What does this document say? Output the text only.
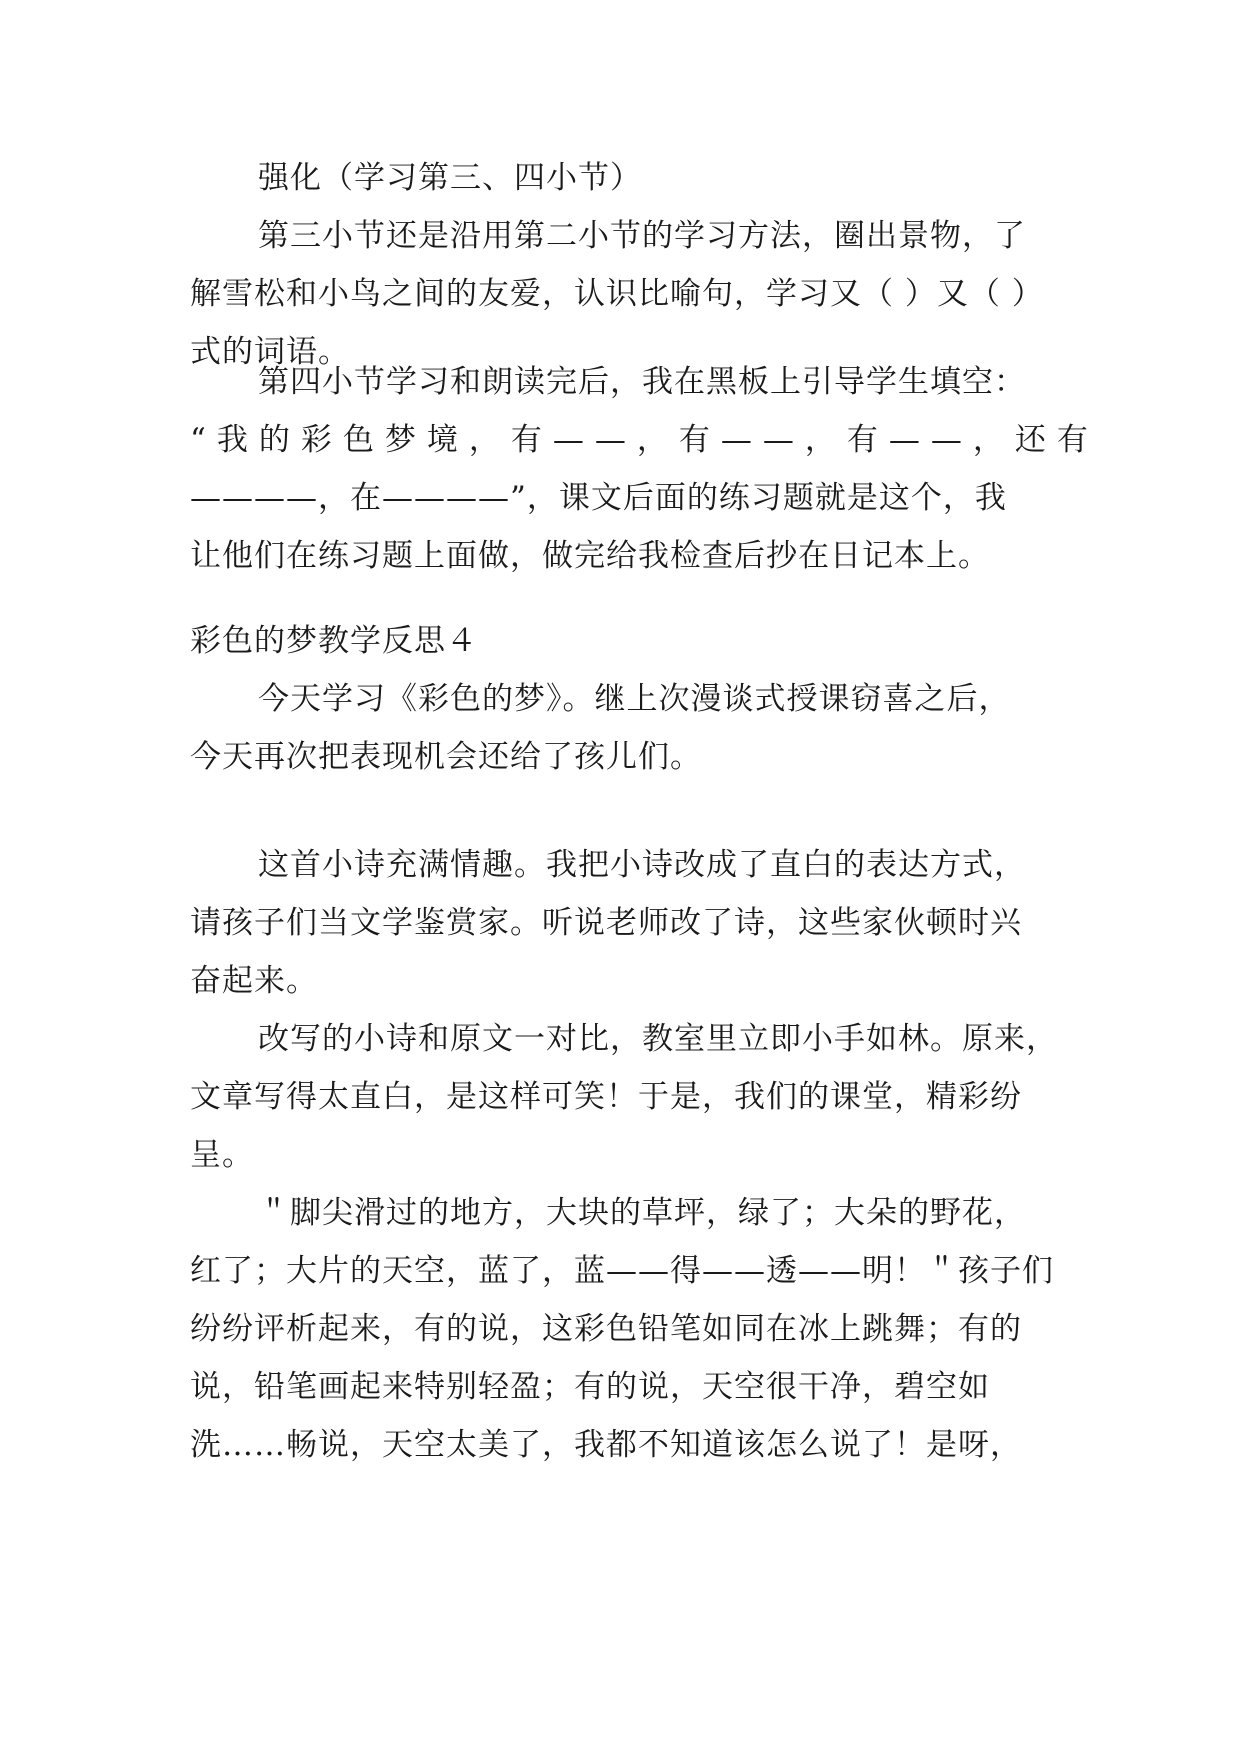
强化（学习第三、四小节）
第三小节还是沿用第二小节的学习方法，圈出景物，了
解雪松和小鸟之间的友爱，认识比喻句，学习又（ ）又（ ）
式的词语。
第四小节学习和朗读完后，我在黑板上引导学生填空：
“我的彩色梦境，有——，有——，有——，还有
————，在————”，课文后面的练习题就是这个，我
让他们在练习题上面做，做完给我检查后抄在日记本上。
彩色的梦教学反思４
今天学习《彩色的梦》。继上次漫谈式授课窃喜之后，
今天再次把表现机会还给了孩儿们。
这首小诗充满情趣。我把小诗改成了直白的表达方式，
请孩子们当文学鉴赏家。听说老师改了诗，这些家伙顿时兴
奋起来。
改写的小诗和原文一对比，教室里立即小手如林。原来，
文章写得太直白，是这样可笑！于是，我们的课堂，精彩纷
呈。
＂脚尖滑过的地方，大块的草坪，绿了；大朵的野花，
红了；大片的天空，蓝了，蓝——得——透——明！＂孩子们
纷纷评析起来，有的说，这彩色铅笔如同在冰上跳舞；有的
说，铅笔画起来特别轻盈；有的说，天空很干净，碧空如
洗……畅说，天空太美了，我都不知道该怎么说了！是呀，
